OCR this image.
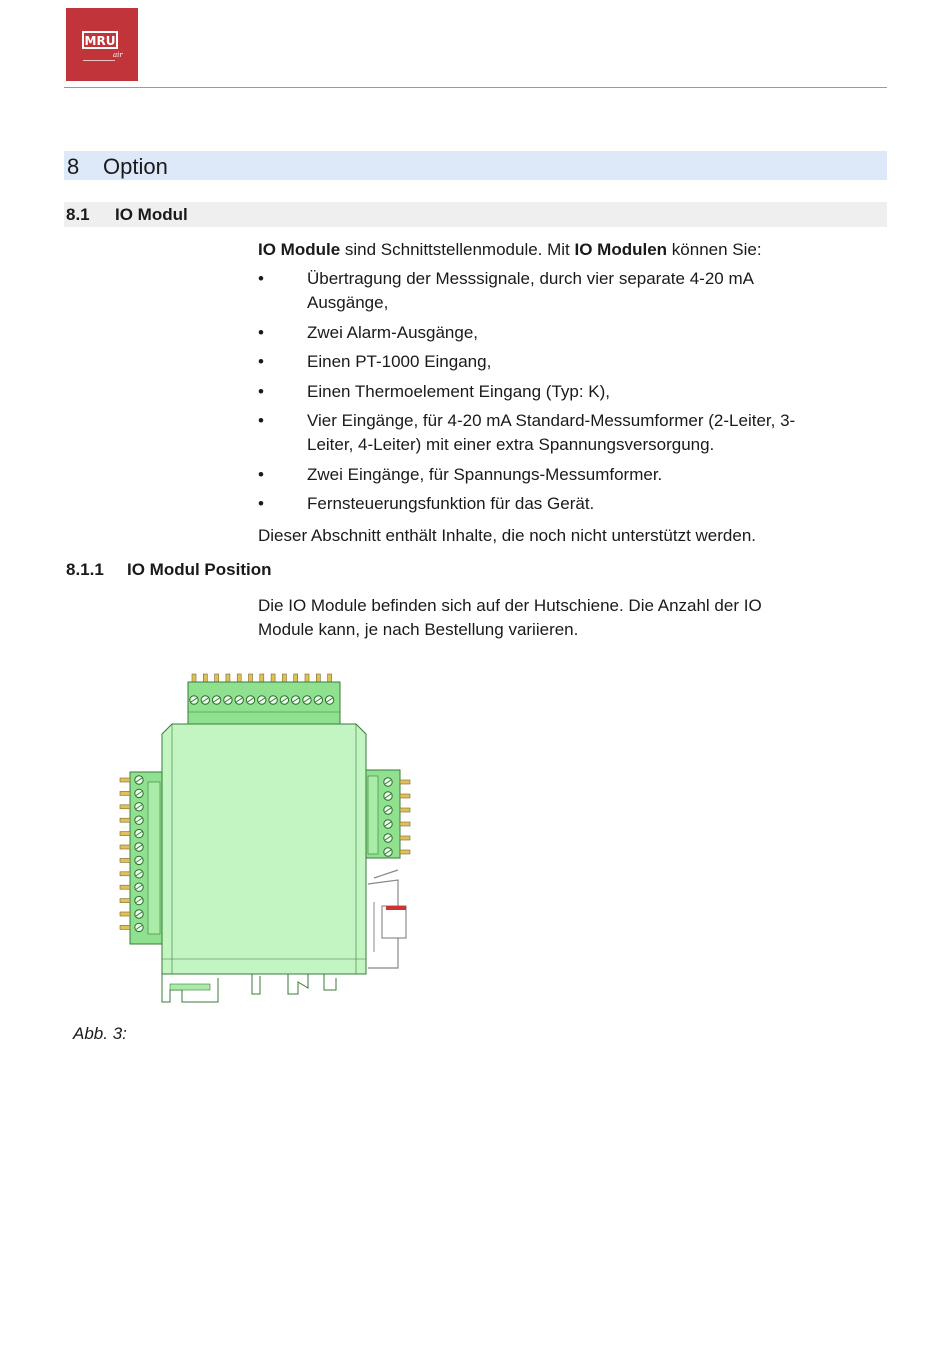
MRU
air
8 Option
8.1 IO Modul
IO Module sind Schnittstellenmodule. Mit IO Modulen können Sie:
•	Übertragung der Messsignale, durch vier separate 4-20 mA
Ausgänge,
•	Zwei Alarm-Ausgänge,
•	Einen PT-1000 Eingang,
•	Einen Thermoelement Eingang (Typ: K),
•	Vier Eingänge, für 4-20 mA Standard-Messumformer (2-Leiter, 3-
Leiter, 4-Leiter) mit einer extra Spannungsversorgung.
•	Zwei Eingänge, für Spannungs-Messumformer.
•	Fernsteuerungsfunktion für das Gerät.
Dieser Abschnitt enthält Inhalte, die noch nicht unterstützt werden.
8.1.1 IO Modul Position
Die IO Module befinden sich auf der Hutschiene. Die Anzahl der IO
Module kann, je nach Bestellung variieren.
Abb. 3:
